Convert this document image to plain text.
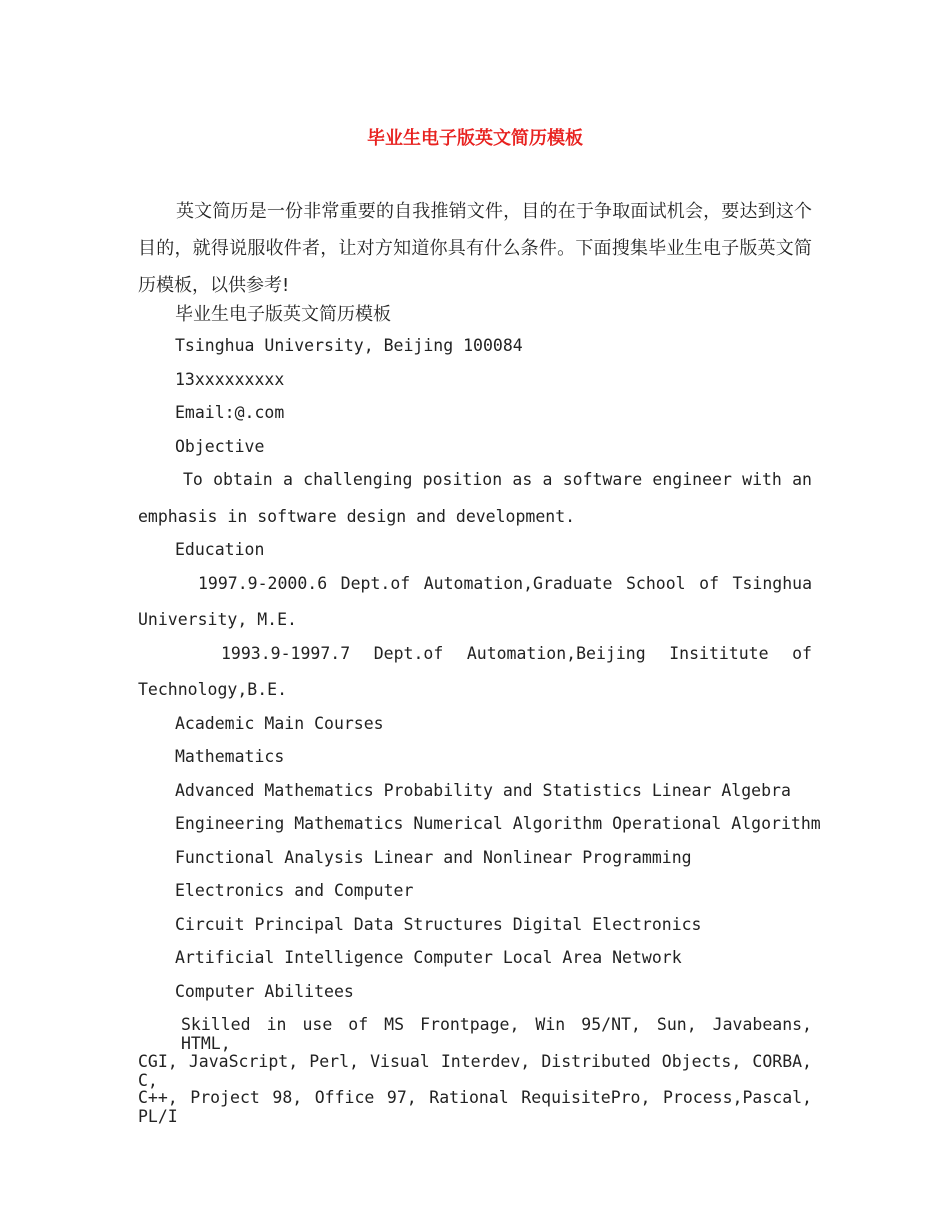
毕业生电子版英文简历模板
英文简历是一份非常重要的自我推销文件，目的在于争取面试机会，要达到这个目的，就得说服收件者，让对方知道你具有什么条件。下面搜集毕业生电子版英文简历模板，以供参考!
毕业生电子版英文简历模板
Tsinghua University, Beijing 100084
13xxxxxxxxx
Email:@.com
Objective
To obtain a challenging position as a software engineer with an
emphasis in software design and development.
Education
1997.9-2000.6 Dept.of Automation,Graduate School of Tsinghua
University, M.E.
1993.9-1997.7 Dept.of Automation,Beijing Insititute of
Technology,B.E.
Academic Main Courses
Mathematics
Advanced Mathematics Probability and Statistics Linear Algebra
Engineering Mathematics Numerical Algorithm Operational Algorithm
Functional Analysis Linear and Nonlinear Programming
Electronics and Computer
Circuit Principal Data Structures Digital Electronics
Artificial Intelligence Computer Local Area Network
Computer Abilitees
Skilled in use of MS Frontpage, Win 95/NT, Sun, Javabeans, HTML,
CGI, JavaScript, Perl, Visual Interdev, Distributed Objects, CORBA, C,
C++, Project 98, Office 97, Rational RequisitePro, Process,Pascal, PL/I
